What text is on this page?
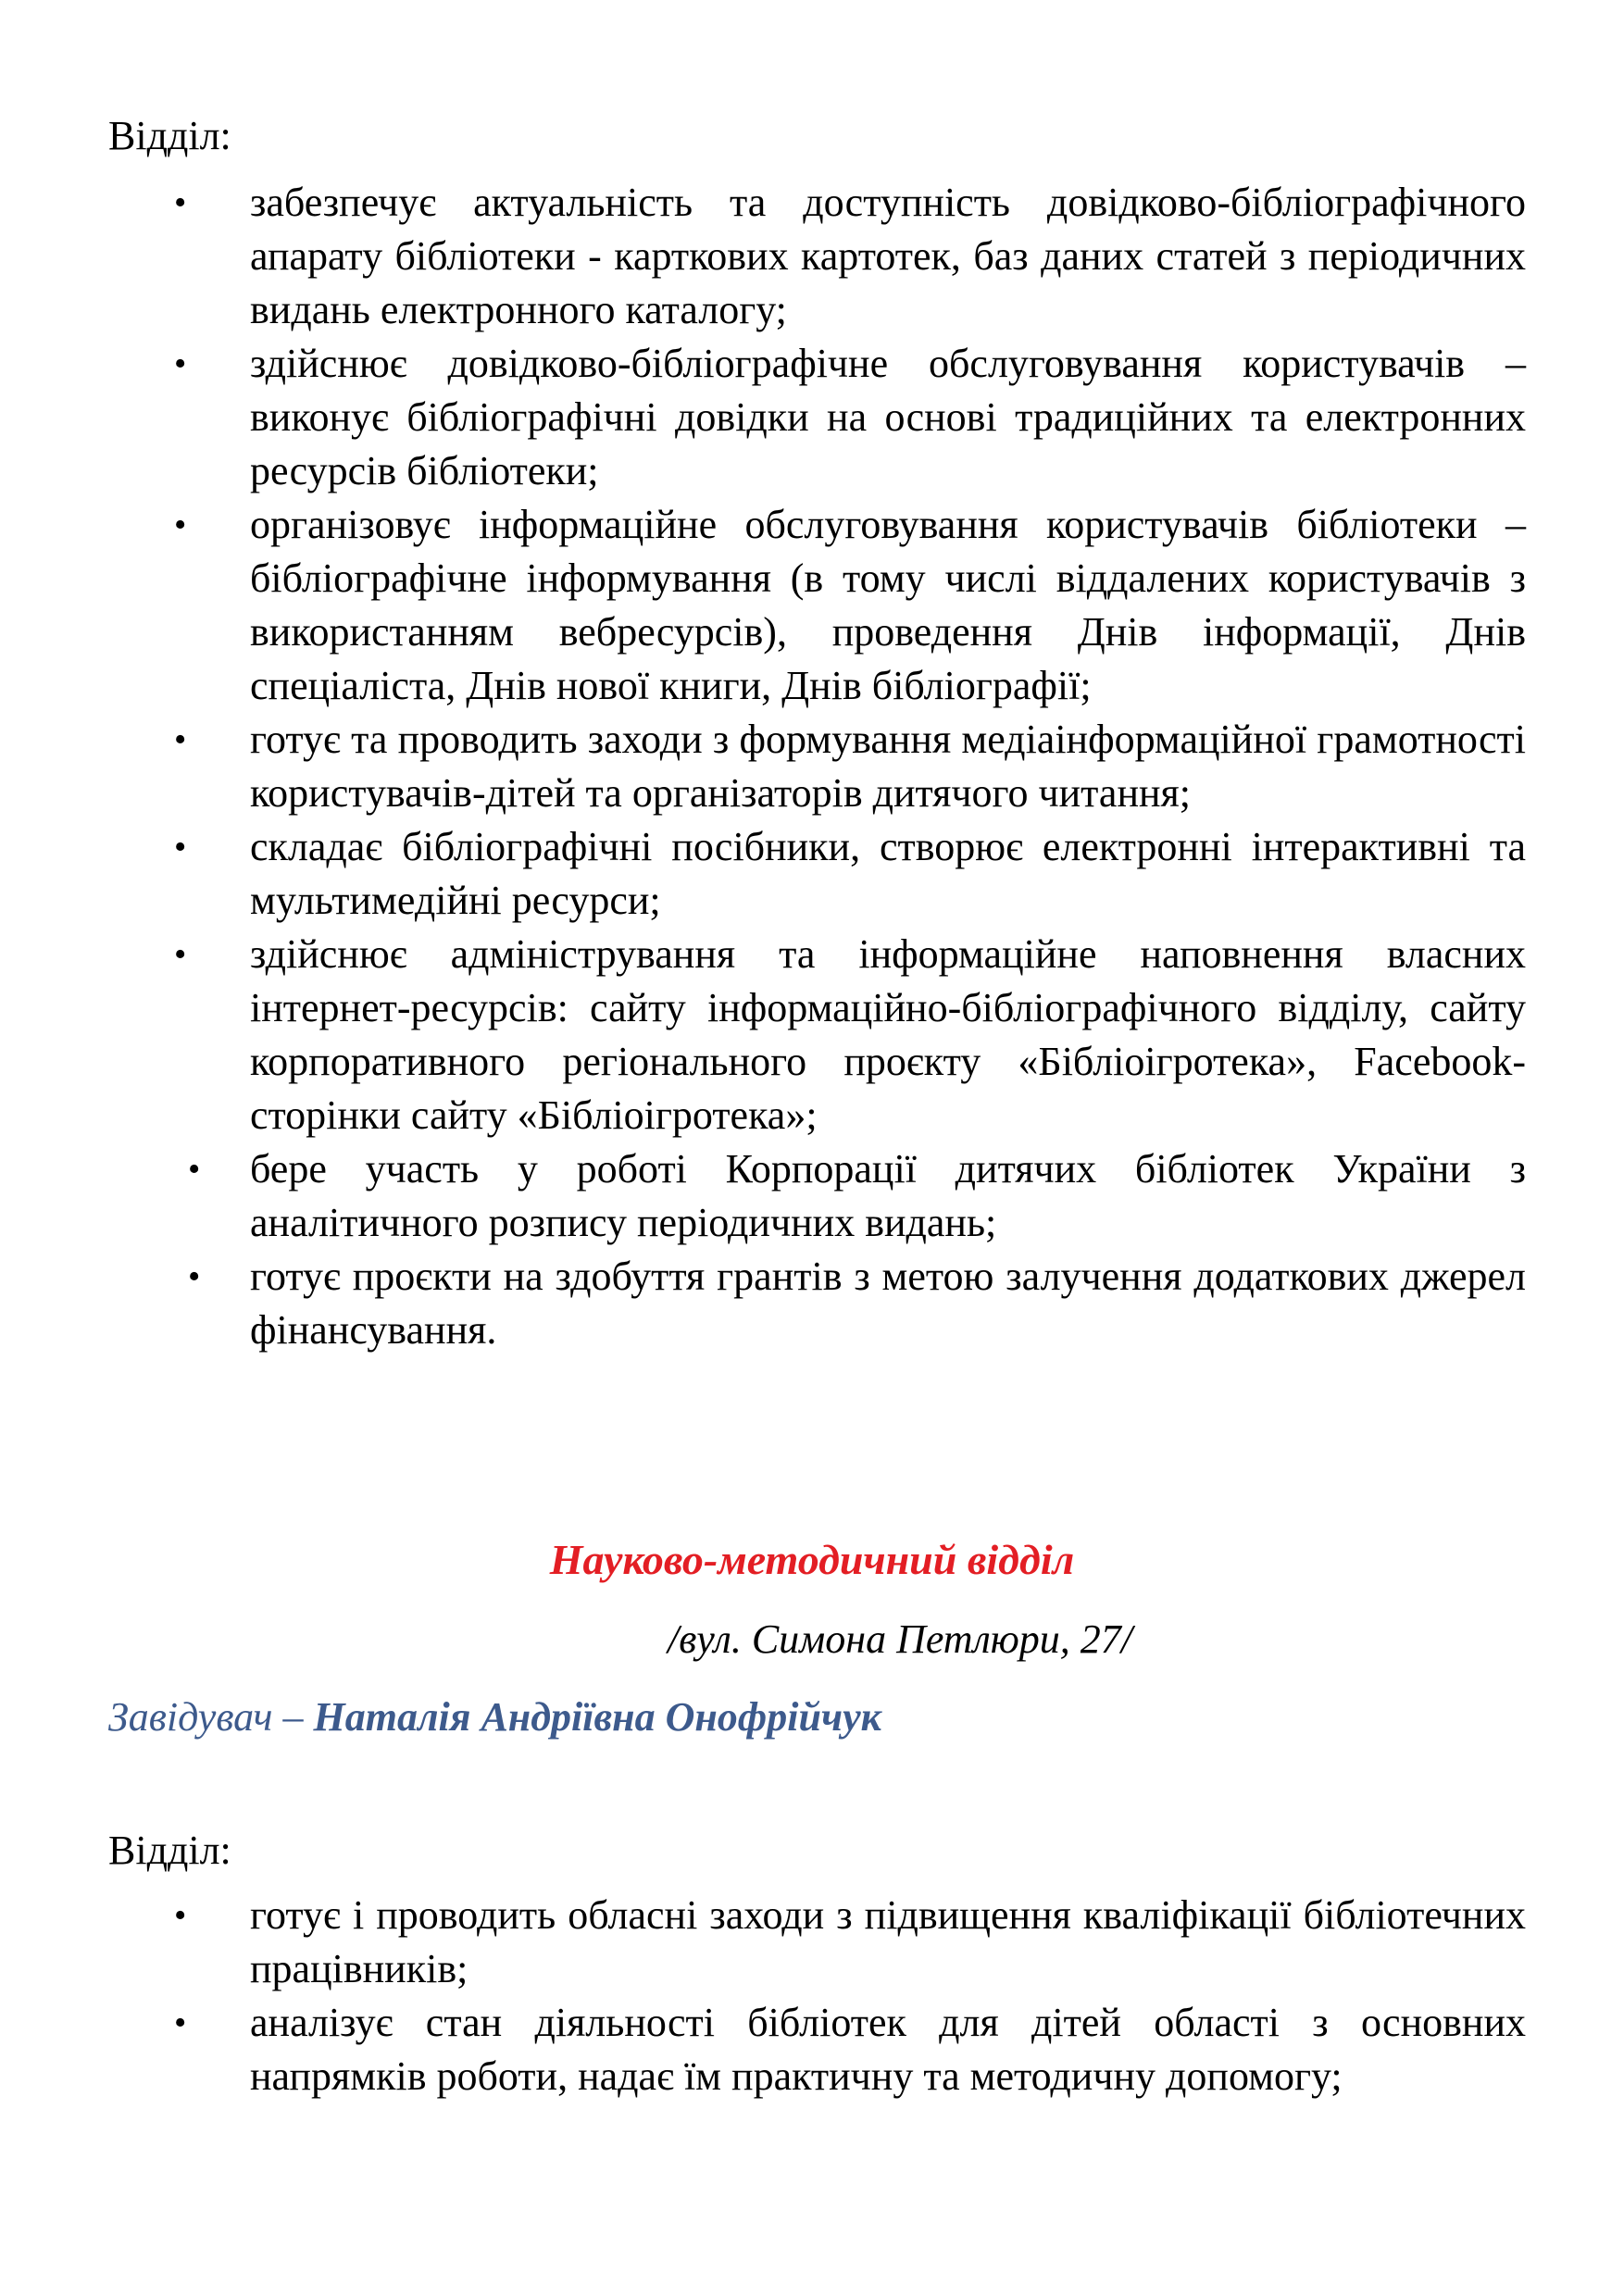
Відділ:

• забезпечує актуальність та доступність довідково-бібліографічного апарату бібліотеки - карткових картотек, баз даних статей з періодичних видань електронного каталогу;
• здійснює довідково-бібліографічне обслуговування користувачів – виконує бібліографічні довідки на основі традиційних та електронних ресурсів бібліотеки;
• організовує інформаційне обслуговування користувачів бібліотеки – бібліографічне інформування (в тому числі віддалених користувачів з використанням вебресурсів), проведення Днів інформації, Днів спеціаліста, Днів нової книги, Днів бібліографії;
• готує та проводить заходи з формування медіаінформаційної грамотності користувачів-дітей та організаторів дитячого читання;
• складає бібліографічні посібники, створює електронні інтерактивні та мультимедійні ресурси;
• здійснює адміністрування та інформаційне наповнення власних інтернет-ресурсів: сайту інформаційно-бібліографічного відділу, сайту корпоративного регіонального проєкту «Бібліоігротека», Facebook-сторінки сайту «Бібліоігротека»;
• бере участь у роботі Корпорації дитячих бібліотек України з аналітичного розпису періодичних видань;
• готує проєкти на здобуття грантів з метою залучення додаткових джерел фінансування.

Науково-методичний відділ

/вул. Симона Петлюри, 27/

Завідувач – Наталія Андріївна Онофрійчук

Відділ:

• готує і проводить обласні заходи з підвищення кваліфікації бібліотечних працівників;
• аналізує стан діяльності бібліотек для дітей області з основних напрямків роботи, надає їм практичну та методичну допомогу;
